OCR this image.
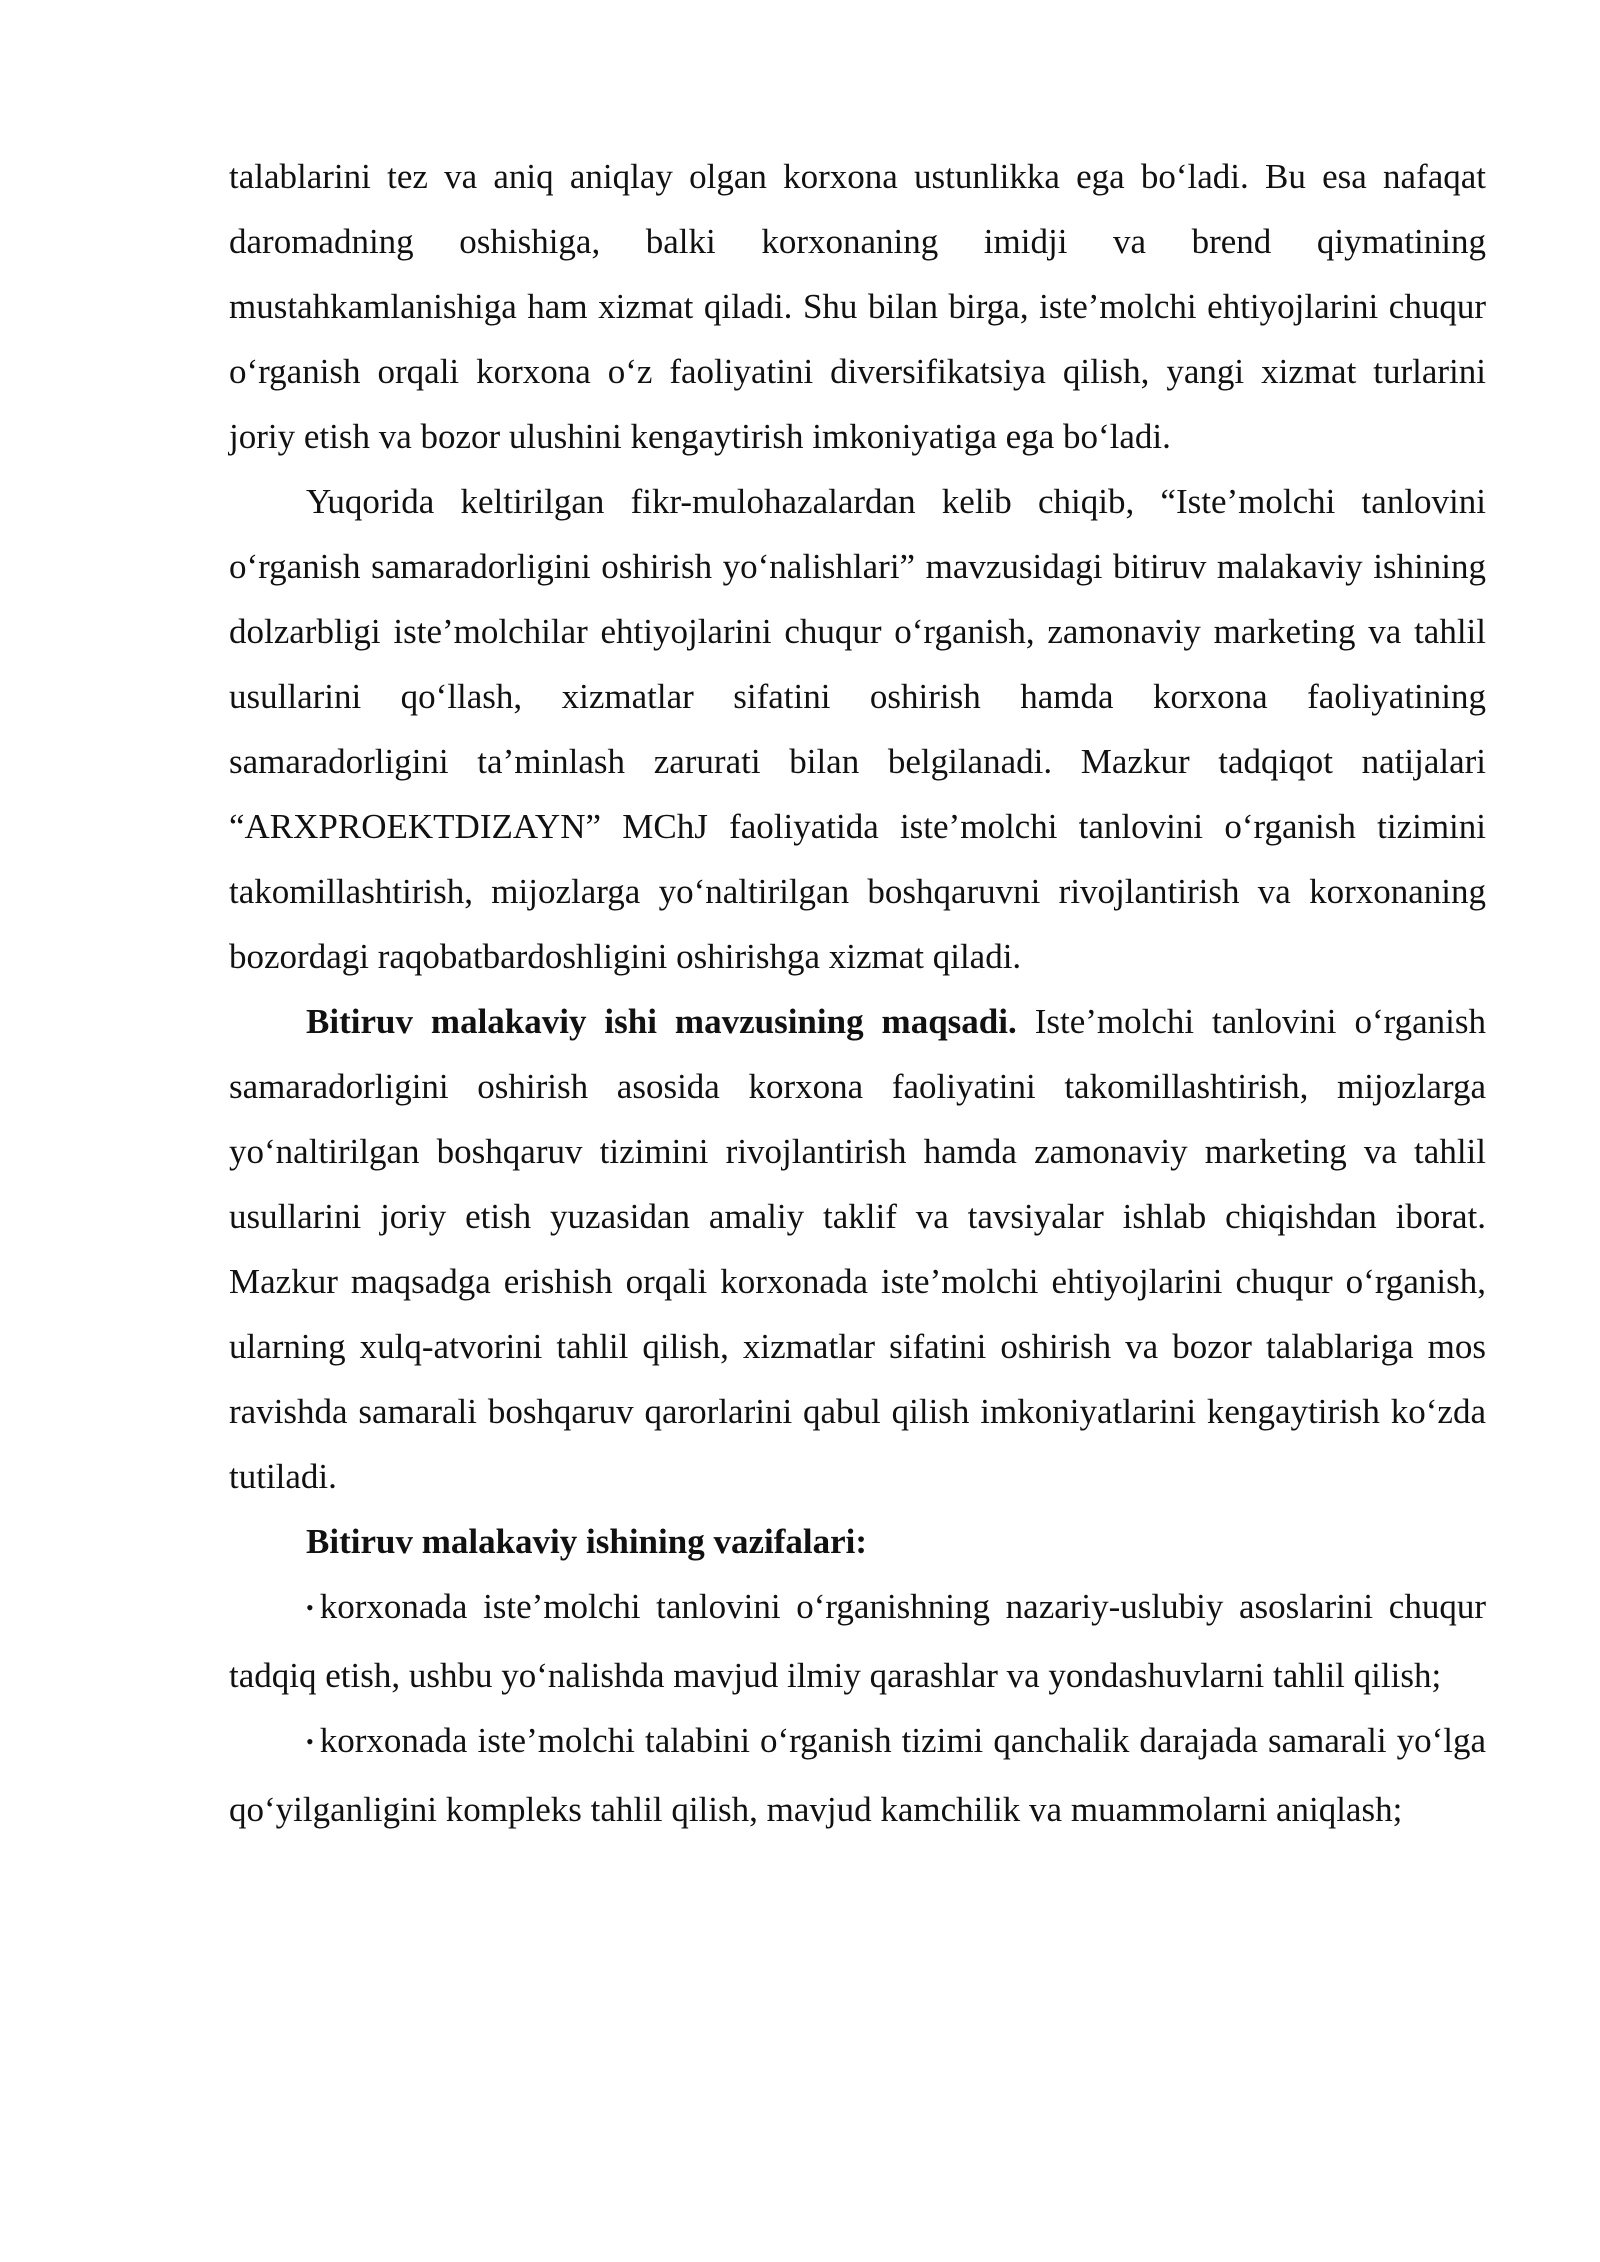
talablarini tez va aniq aniqlay olgan korxona ustunlikka ega bo‘ladi. Bu esa nafaqat daromadning oshishiga, balki korxonaning imidji va brend qiymatining mustahkamlanishiga ham xizmat qiladi. Shu bilan birga, iste’molchi ehtiyojlarini chuqur o‘rganish orqali korxona o‘z faoliyatini diversifikatsiya qilish, yangi xizmat turlarini joriy etish va bozor ulushini kengaytirish imkoniyatiga ega bo‘ladi.

Yuqorida keltirilgan fikr-mulohazalardan kelib chiqib, “Iste’molchi tanlovini o‘rganish samaradorligini oshirish yo‘nalishlari” mavzusidagi bitiruv malakaviy ishining dolzarbligi iste’molchilar ehtiyojlarini chuqur o‘rganish, zamonaviy marketing va tahlil usullarini qo‘llash, xizmatlar sifatini oshirish hamda korxona faoliyatining samaradorligini ta’minlash zarurati bilan belgilanadi. Mazkur tadqiqot natijalari “ARXPROEKTDIZAYN” MChJ faoliyatida iste’molchi tanlovini o‘rganish tizimini takomillashtirish, mijozlarga yo‘naltirilgan boshqaruvni rivojlantirish va korxonaning bozordagi raqobatbardoshligini oshirishga xizmat qiladi.

Bitiruv malakaviy ishi mavzusining maqsadi. Iste’molchi tanlovini o‘rganish samaradorligini oshirish asosida korxona faoliyatini takomillashtirish, mijozlarga yo‘naltirilgan boshqaruv tizimini rivojlantirish hamda zamonaviy marketing va tahlil usullarini joriy etish yuzasidan amaliy taklif va tavsiyalar ishlab chiqishdan iborat. Mazkur maqsadga erishish orqali korxonada iste’molchi ehtiyojlarini chuqur o‘rganish, ularning xulq-atvorini tahlil qilish, xizmatlar sifatini oshirish va bozor talablariga mos ravishda samarali boshqaruv qarorlarini qabul qilish imkoniyatlarini kengaytirish ko‘zda tutiladi.

Bitiruv malakaviy ishining vazifalari:

• korxonada iste’molchi tanlovini o‘rganishning nazariy-uslubiy asoslarini chuqur tadqiq etish, ushbu yo‘nalishda mavjud ilmiy qarashlar va yondashuvlarni tahlil qilish;

• korxonada iste’molchi talabini o‘rganish tizimi qanchalik darajada samarali yo‘lga qo‘yilganligini kompleks tahlil qilish, mavjud kamchilik va muammolarni aniqlash;
